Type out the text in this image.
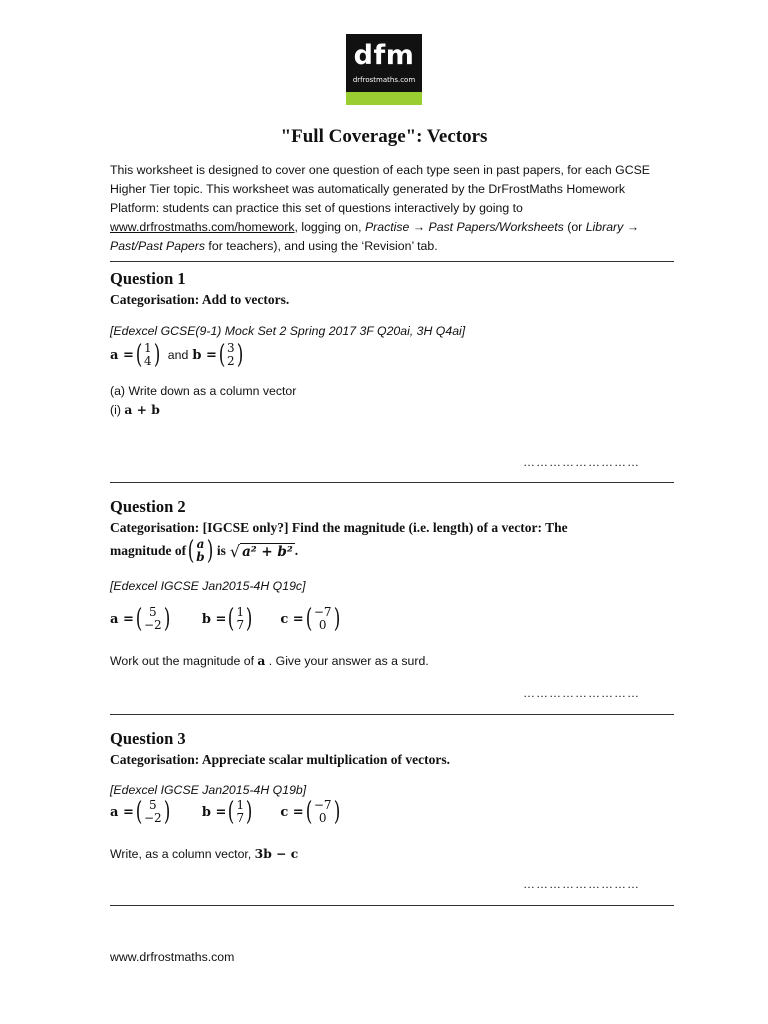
dfm
drfrostmaths.com
"Full Coverage": Vectors
This worksheet is designed to cover one question of each type seen in past papers, for each GCSE Higher Tier topic. This worksheet was automatically generated by the DrFrostMaths Homework Platform: students can practice this set of questions interactively by going to www.drfrostmaths.com/homework, logging on, Practise → Past Papers/Worksheets (or Library → Past/Past Papers for teachers), and using the ‘Revision’ tab.
Question 1
Categorisation: Add to vectors.
[Edexcel GCSE(9-1) Mock Set 2 Spring 2017 3F Q20ai, 3H Q4ai]
a = ( 1
4 ) and b = ( 3
2 )
(a) Write down as a column vector
(i) a + b
………………………
Question 2
Categorisation: [IGCSE only?] Find the magnitude (i.e. length) of a vector: The
magnitude of ( a
b ) is √ a² + b² .
[Edexcel IGCSE Jan2015-4H Q19c]
a = ( 5
−2 ) b = ( 1
7 ) c = ( −7
0 )
Work out the magnitude of a . Give your answer as a surd.
………………………
Question 3
Categorisation: Appreciate scalar multiplication of vectors.
[Edexcel IGCSE Jan2015-4H Q19b]
a = ( 5
−2 ) b = ( 1
7 ) c = ( −7
0 )
Write, as a column vector, 3b − c
………………………
www.drfrostmaths.com
